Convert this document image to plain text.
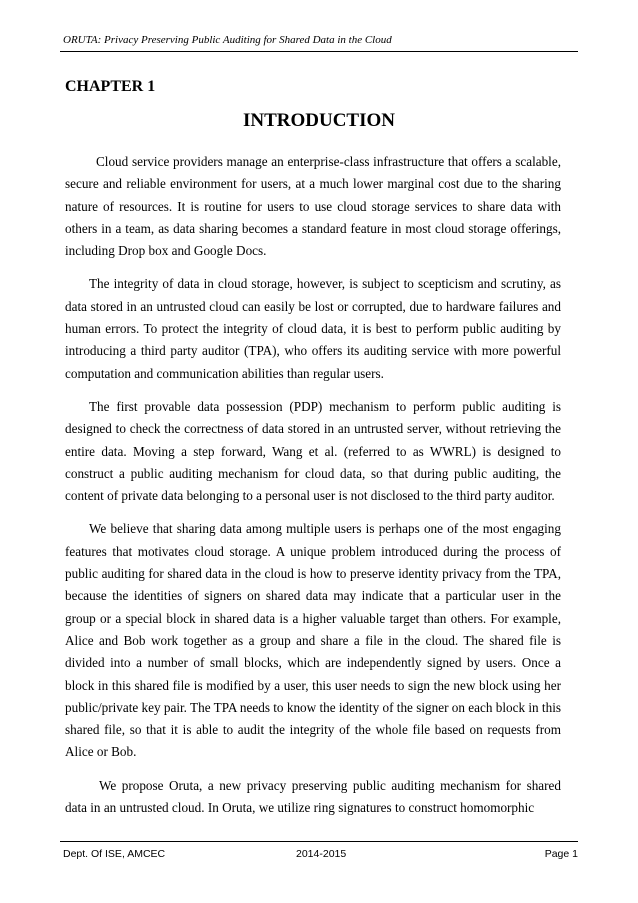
ORUTA: Privacy Preserving Public Auditing for Shared Data in the Cloud
CHAPTER 1
INTRODUCTION

Cloud service providers manage an enterprise-class infrastructure that offers a scalable, secure and reliable environment for users, at a much lower marginal cost due to the sharing nature of resources. It is routine for users to use cloud storage services to share data with others in a team, as data sharing becomes a standard feature in most cloud storage offerings, including Drop box and Google Docs.

The integrity of data in cloud storage, however, is subject to scepticism and scrutiny, as data stored in an untrusted cloud can easily be lost or corrupted, due to hardware failures and human errors. To protect the integrity of cloud data, it is best to perform public auditing by introducing a third party auditor (TPA), who offers its auditing service with more powerful computation and communication abilities than regular users.

The first provable data possession (PDP) mechanism to perform public auditing is designed to check the correctness of data stored in an untrusted server, without retrieving the entire data. Moving a step forward, Wang et al. (referred to as WWRL) is designed to construct a public auditing mechanism for cloud data, so that during public auditing, the content of private data belonging to a personal user is not disclosed to the third party auditor.

We believe that sharing data among multiple users is perhaps one of the most engaging features that motivates cloud storage. A unique problem introduced during the process of public auditing for shared data in the cloud is how to preserve identity privacy from the TPA, because the identities of signers on shared data may indicate that a particular user in the group or a special block in shared data is a higher valuable target than others. For example, Alice and Bob work together as a group and share a file in the cloud. The shared file is divided into a number of small blocks, which are independently signed by users. Once a block in this shared file is modified by a user, this user needs to sign the new block using her public/private key pair. The TPA needs to know the identity of the signer on each block in this shared file, so that it is able to audit the integrity of the whole file based on requests from Alice or Bob.

We propose Oruta, a new privacy preserving public auditing mechanism for shared data in an untrusted cloud. In Oruta, we utilize ring signatures to construct homomorphic

Dept. Of ISE, AMCEC	2014-2015	Page 1
